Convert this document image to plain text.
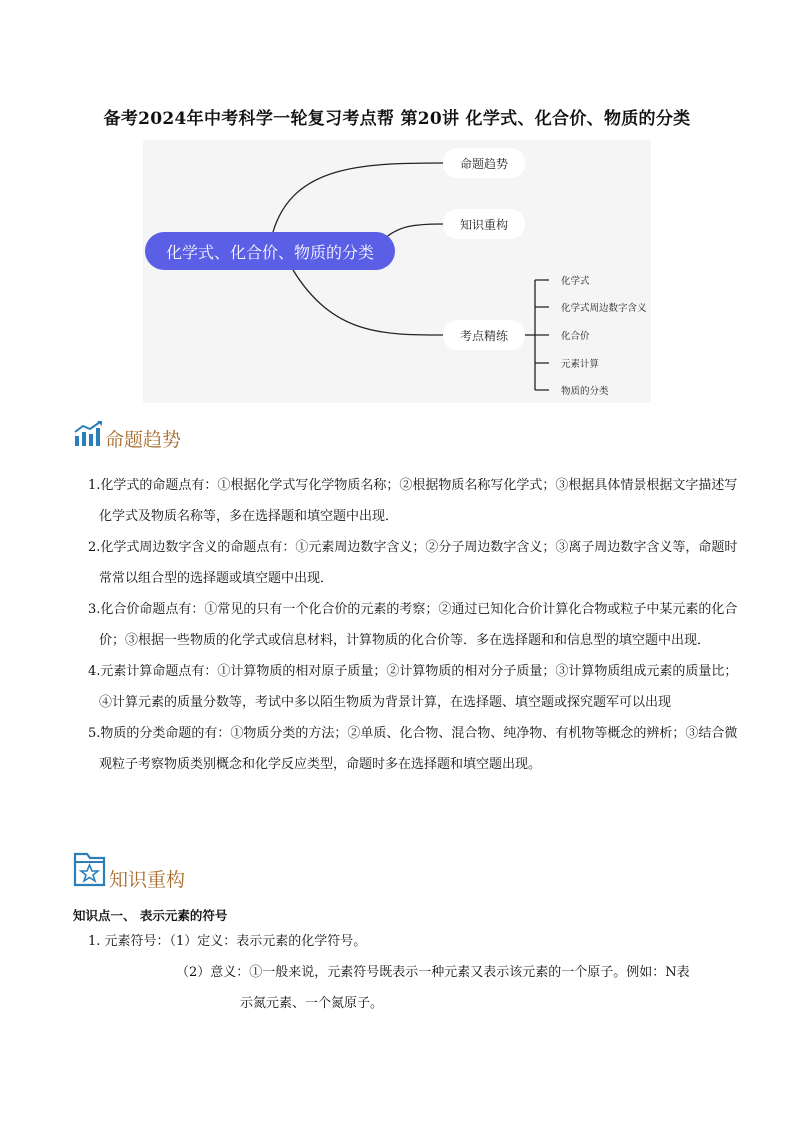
备考2024年中考科学一轮复习考点帮 第20讲 化学式、化合价、物质的分类
化学式、化合价、物质的分类
命题趋势
知识重构
考点精练
化学式
化学式周边数字含义
化合价
元素计算
物质的分类
命题趋势

1.化学式的命题点有：①根据化学式写化学物质名称；②根据物质名称写化学式；③根据具体情景根据文字描述写化学式及物质名称等，多在选择题和填空题中出现．

2.化学式周边数字含义的命题点有：①元素周边数字含义；②分子周边数字含义；③离子周边数字含义等，命题时常常以组合型的选择题或填空题中出现．

3.化合价命题点有：①常见的只有一个化合价的元素的考察；②通过已知化合价计算化合物或粒子中某元素的化合价；③根据一些物质的化学式或信息材料，计算物质的化合价等．多在选择题和和信息型的填空题中出现．

4.元素计算命题点有：①计算物质的相对原子质量；②计算物质的相对分子质量；③计算物质组成元素的质量比；④计算元素的质量分数等，考试中多以陌生物质为背景计算，在选择题、填空题或探究题军可以出现

5.物质的分类命题的有：①物质分类的方法；②单质、化合物、混合物、纯净物、有机物等概念的辨析；③结合微观粒子考察物质类别概念和化学反应类型，命题时多在选择题和填空题出现。

知识重构
知识点一、 表示元素的符号
1. 元素符号：（1）定义：表示元素的化学符号。
（2）意义：①一般来说，元素符号既表示一种元素又表示该元素的一个原子。例如：N表
示氮元素、一个氮原子。
